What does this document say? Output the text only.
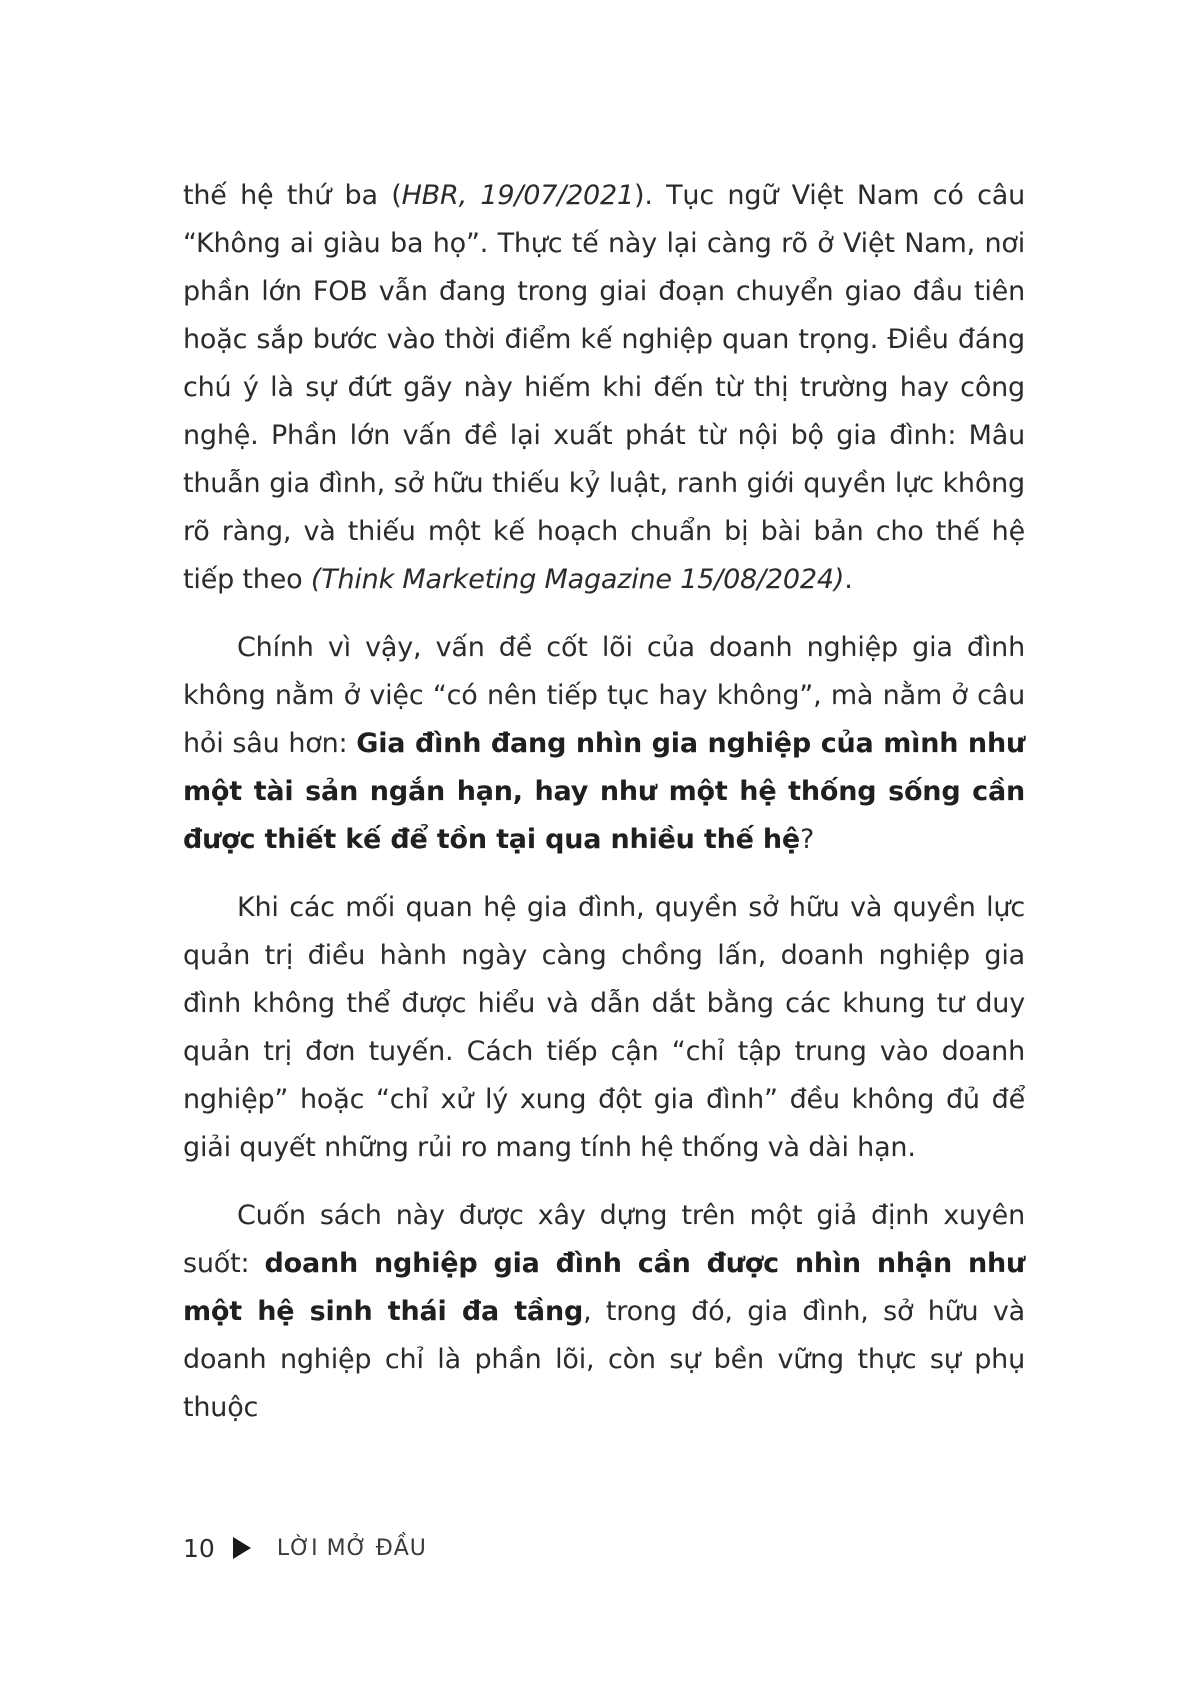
thế hệ thứ ba (HBR, 19/07/2021). Tục ngữ Việt Nam có câu “Không ai giàu ba họ”. Thực tế này lại càng rõ ở Việt Nam, nơi phần lớn FOB vẫn đang trong giai đoạn chuyển giao đầu tiên hoặc sắp bước vào thời điểm kế nghiệp quan trọng. Điều đáng chú ý là sự đứt gãy này hiếm khi đến từ thị trường hay công nghệ. Phần lớn vấn đề lại xuất phát từ nội bộ gia đình: Mâu thuẫn gia đình, sở hữu thiếu kỷ luật, ranh giới quyền lực không rõ ràng, và thiếu một kế hoạch chuẩn bị bài bản cho thế hệ tiếp theo (Think Marketing Magazine 15/08/2024).

Chính vì vậy, vấn đề cốt lõi của doanh nghiệp gia đình không nằm ở việc “có nên tiếp tục hay không”, mà nằm ở câu hỏi sâu hơn: Gia đình đang nhìn gia nghiệp của mình như một tài sản ngắn hạn, hay như một hệ thống sống cần được thiết kế để tồn tại qua nhiều thế hệ?

Khi các mối quan hệ gia đình, quyền sở hữu và quyền lực quản trị điều hành ngày càng chồng lấn, doanh nghiệp gia đình không thể được hiểu và dẫn dắt bằng các khung tư duy quản trị đơn tuyến. Cách tiếp cận “chỉ tập trung vào doanh nghiệp” hoặc “chỉ xử lý xung đột gia đình” đều không đủ để giải quyết những rủi ro mang tính hệ thống và dài hạn.

Cuốn sách này được xây dựng trên một giả định xuyên suốt: doanh nghiệp gia đình cần được nhìn nhận như một hệ sinh thái đa tầng, trong đó, gia đình, sở hữu và doanh nghiệp chỉ là phần lõi, còn sự bền vững thực sự phụ thuộc

10	LỜI MỞ ĐẦU
